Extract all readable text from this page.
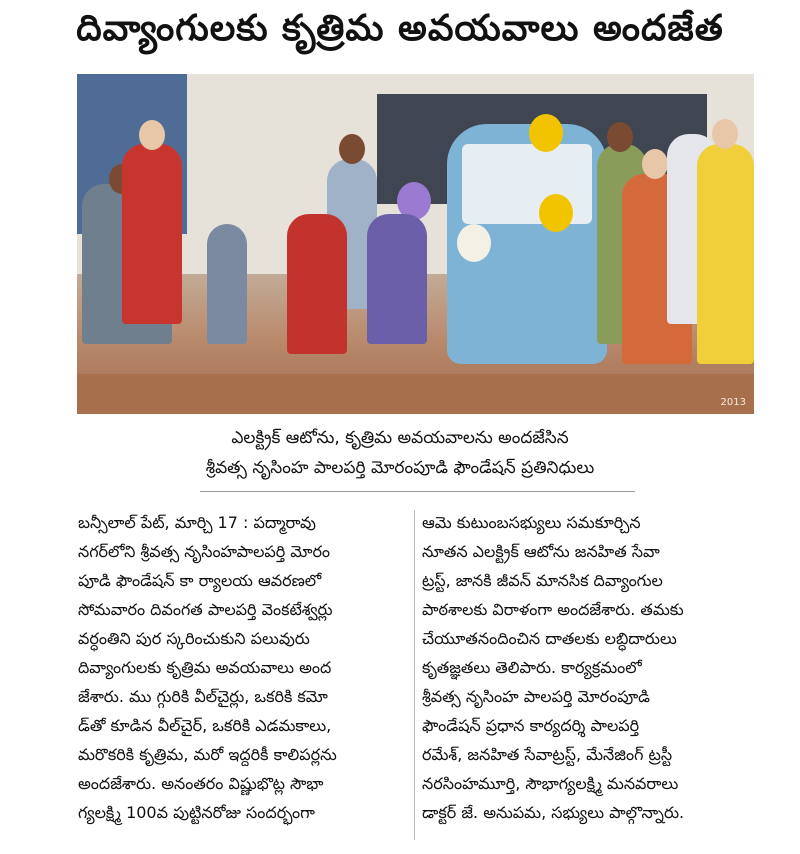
దివ్యాంగులకు కృత్రిమ అవయవాలు అందజేత
2013
ఎలక్ట్రిక్ ఆటోను, కృత్రిమ అవయవాలను అందజేసిన
శ్రీవత్స నృసింహ పాలపర్తి మోరంపూడి ఫౌండేషన్ ప్రతినిధులు
బన్సీలాల్ పేట్, మార్చి 17 : పద్మారావు
నగర్‌లోని శ్రీవత్స నృసింహపాలపర్తి మోరం
పూడి ఫౌండేషన్ కా ర్యాలయ ఆవరణలో
సోమవారం దివంగత పాలపర్తి వెంకటేశ్వర్లు
వర్ధంతిని పుర స్కరించుకుని పలువురు
దివ్యాంగులకు కృత్రిమ అవయవాలు అంద
జేశారు. ము గ్గురికి వీల్‌చైర్లు, ఒకరికి కమో
డ్‌తో కూడిన వీల్‌చైర్, ఒకరికి ఎడమకాలు,
మరొకరికి కృత్రిమ, మరో ఇద్దరికీ కాలిపర్లను
అందజేశారు. అనంతరం విష్ణుభొట్ల సౌభా
గ్యలక్ష్మి 100వ పుట్టినరోజు సందర్భంగా
ఆమె కుటుంబసభ్యులు సమకూర్చిన
నూతన ఎలక్ట్రిక్ ఆటోను జనహిత సేవా
ట్రస్ట్, జానకి జీవన్ మానసిక దివ్యాంగుల
పాఠశాలకు విరాళంగా అందజేశారు. తమకు
చేయూతనందించిన దాతలకు లబ్ధిదారులు
కృతజ్ఞతలు తెలిపారు. కార్యక్రమంలో
శ్రీవత్స నృసింహ పాలపర్తి మోరంపూడి
ఫౌండేషన్ ప్రధాన కార్యదర్శి పాలపర్తి
రమేశ్, జనహిత సేవాట్రస్ట్, మేనేజింగ్ ట్రస్టీ
నరసింహమూర్తి, సౌభాగ్యలక్ష్మి మనవరాలు
డాక్టర్ జే. అనుపమ, సభ్యులు పాల్గొన్నారు.
